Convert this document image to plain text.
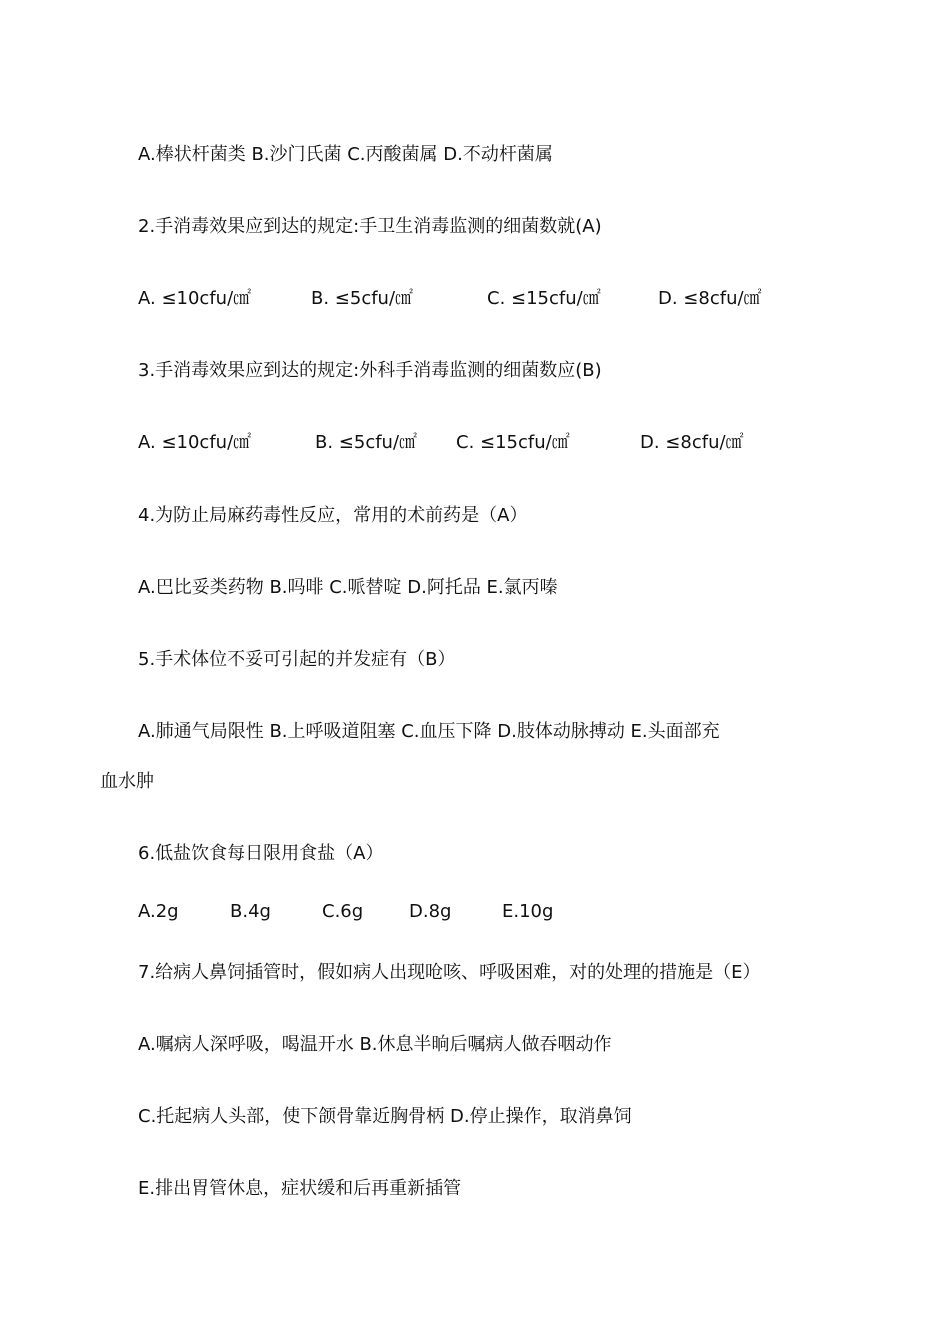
A.棒状杆菌类 B.沙门氏菌 C.丙酸菌属 D.不动杆菌属
2.手消毒效果应到达的规定:手卫生消毒监测的细菌数就(A)
A. ≤10cfu/㎠	B. ≤5cfu/㎠	C. ≤15cfu/㎠	D. ≤8cfu/㎠
3.手消毒效果应到达的规定:外科手消毒监测的细菌数应(B)
A. ≤10cfu/㎠	B. ≤5cfu/㎠ C. ≤15cfu/㎠	D. ≤8cfu/㎠
4.为防止局麻药毒性反应，常用的术前药是（A）
A.巴比妥类药物 B.吗啡 C.哌替啶 D.阿托品 E.氯丙嗪
5.手术体位不妥可引起的并发症有（B）
A.肺通气局限性 B.上呼吸道阻塞 C.血压下降 D.肢体动脉搏动 E.头面部充
血水肿
6.低盐饮食每日限用食盐（A）
A.2g	B.4g	C.6g	D.8g	E.10g
7.给病人鼻饲插管时，假如病人出现呛咳、呼吸困难，对的处理的措施是（E）
A.嘱病人深呼吸，喝温开水 B.休息半晌后嘱病人做吞咽动作
C.托起病人头部，使下颌骨靠近胸骨柄 D.停止操作，取消鼻饲
E.排出胃管休息，症状缓和后再重新插管
